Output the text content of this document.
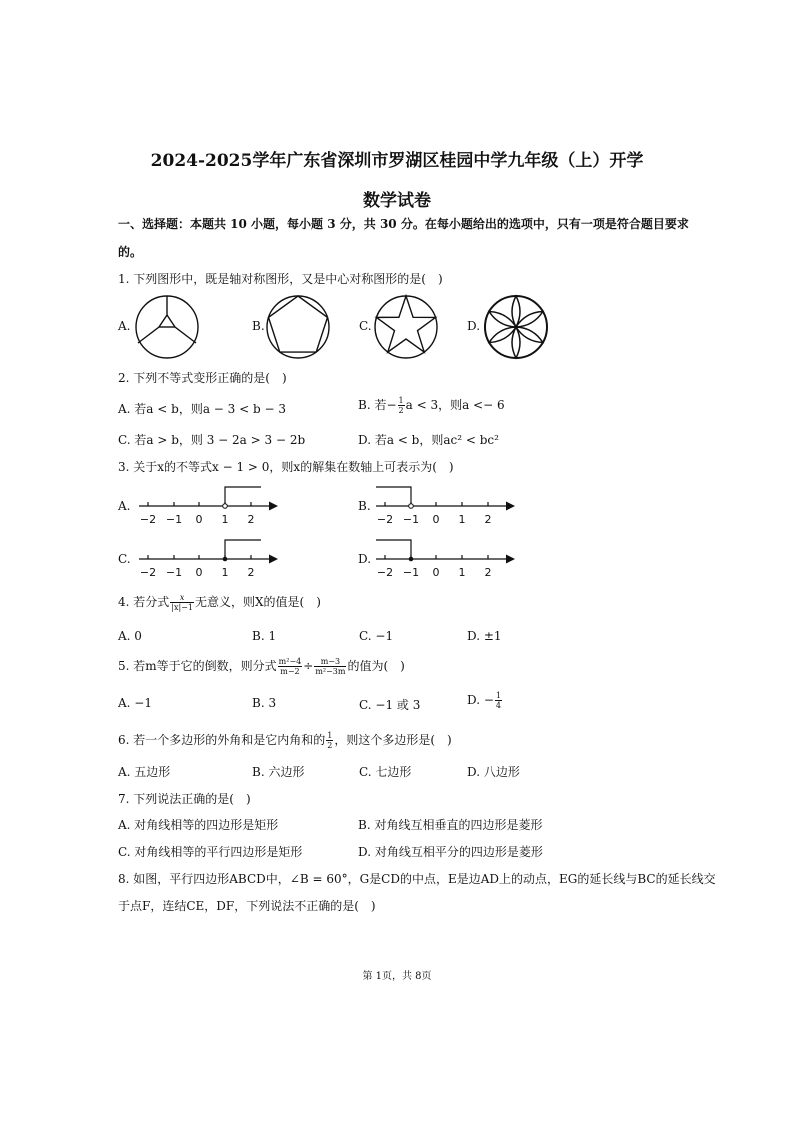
2024-2025学年广东省深圳市罗湖区桂园中学九年级（上）开学
数学试卷
一、选择题：本题共 10 小题，每小题 3 分，共 30 分。在每小题给出的选项中，只有一项是符合题目要求
的。
1. 下列图形中，既是轴对称图形，又是中心对称图形的是(　)
A.	B.	C.	D.
2. 下列不等式变形正确的是(　)
A. 若a < b，则a − 3 < b − 3	B. 若− $\frac{1}{2}$ a < 3，则a <− 6
C. 若a > b，则 3 − 2a > 3 − 2b	D. 若a < b，则ac² < bc²
3. 关于x的不等式x − 1 > 0，则x的解集在数轴上可表示为(　)
A.
−2 −1 0 1 2
B.
−2 −1 0 1 2
C.
−2 −1 0 1 2
D.
−2 −1 0 1 2
4. 若分式 $\frac{x}{|x|-1}$ 无意义，则X的值是(　)
A. 0	B. 1	C. −1	D. ±1
5. 若m等于它的倒数，则分式 $\frac{\text{m²−4}}{m-2} \div \frac{m-3}{\text{m²−3m}}$ 的值为(　)
A. −1	B. 3	C. −1 或 3	D. − $\frac{1}{4}$
6. 若一个多边形的外角和是它内角和的 $\frac{1}{2}$ ，则这个多边形是(　)
A. 五边形	B. 六边形	C. 七边形	D. 八边形
7. 下列说法正确的是(　)
A. 对角线相等的四边形是矩形	B. 对角线互相垂直的四边形是菱形
C. 对角线相等的平行四边形是矩形	D. 对角线互相平分的四边形是菱形
8. 如图，平行四边形ABCD中，∠B = 60°，G是CD的中点，E是边AD上的动点，EG的延长线与BC的延长线交
于点F，连结CE，DF，下列说法不正确的是(　)
第 1页，共 8页
